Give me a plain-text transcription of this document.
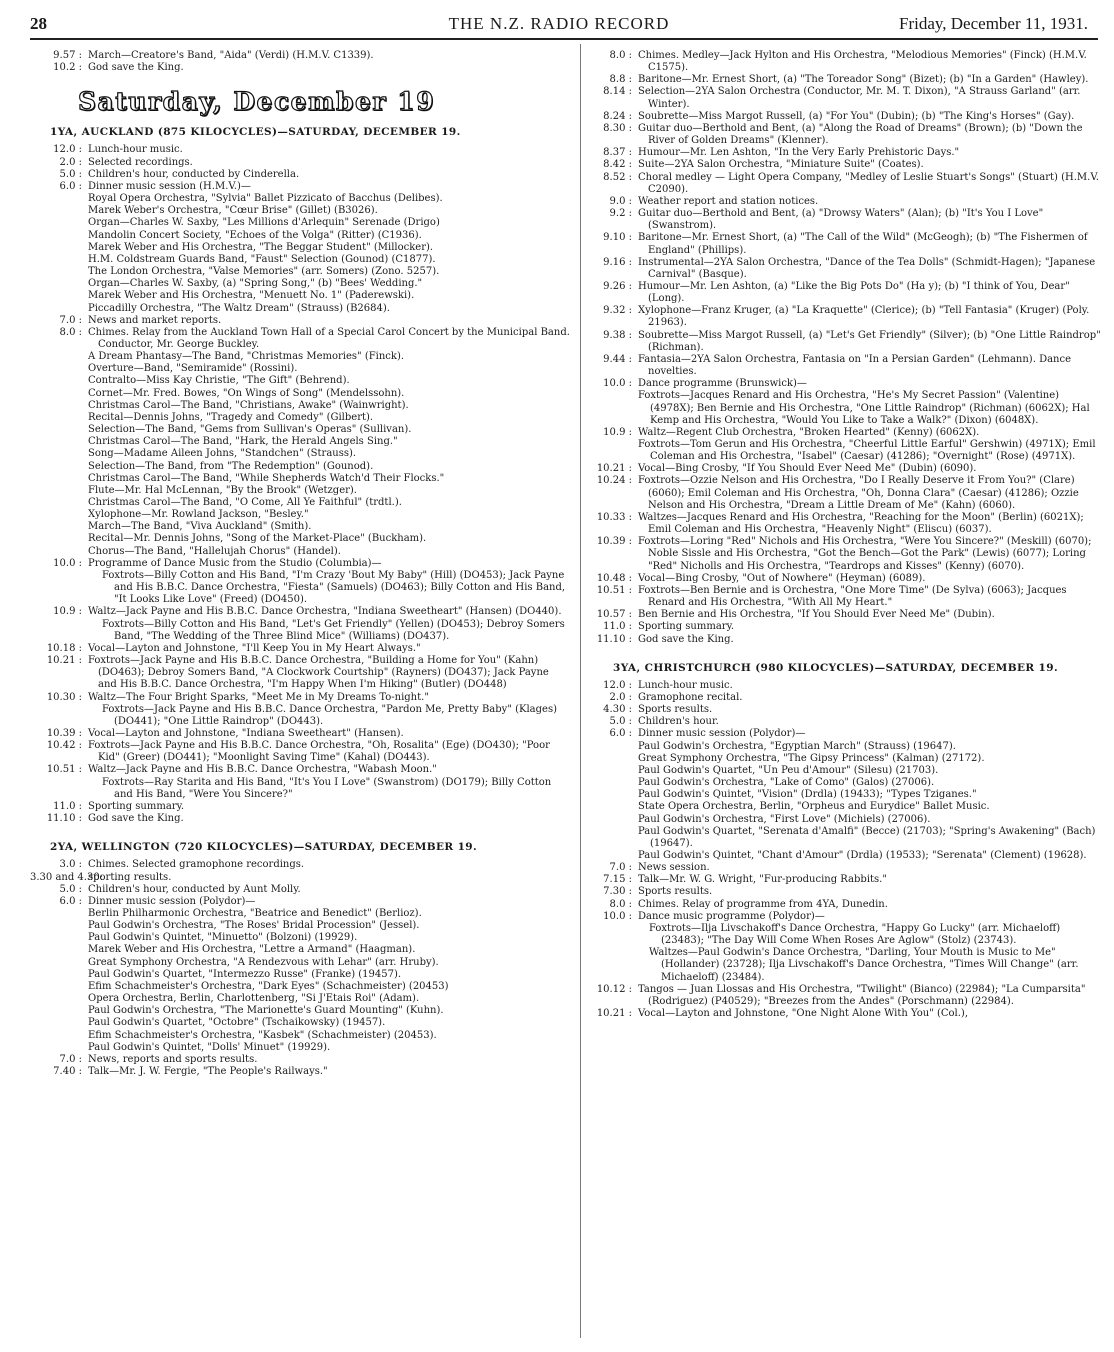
28	THE N.Z. RADIO RECORD	Friday, December 11, 1931.
9.57 : March—Creatore's Band, "Aida" (Verdi) (H.M.V. C1339).
10.2 : God save the King.
Saturday, December 19
1YA, AUCKLAND (875 KILOCYCLES)—SATURDAY, DECEMBER 19.
12.0 : Lunch-hour music.
2.0 : Selected recordings.
5.0 : Children's hour, conducted by Cinderella.
6.0 : Dinner music session (H.M.V.)—
Royal Opera Orchestra, "Sylvia" Ballet Pizzicato of Bacchus (Delibes).
Marek Weber's Orchestra, "Cœur Brise" (Gillet) (B3026).
Organ—Charles W. Saxby, "Les Millions d'Arlequin" Serenade (Drigo)
Mandolin Concert Society, "Echoes of the Volga" (Ritter) (C1936).
Marek Weber and His Orchestra, "The Beggar Student" (Millocker).
H.M. Coldstream Guards Band, "Faust" Selection (Gounod) (C1877).
The London Orchestra, "Valse Memories" (arr. Somers) (Zono. 5257).
Organ—Charles W. Saxby, (a) "Spring Song," (b) "Bees' Wedding."
Marek Weber and His Orchestra, "Menuett No. 1" (Paderewski).
Piccadilly Orchestra, "The Waltz Dream" (Strauss) (B2684).
7.0 : News and market reports.
8.0 : Chimes. Relay from the Auckland Town Hall of a Special Carol Concert by the Municipal Band. Conductor, Mr. George Buckley.
A Dream Phantasy—The Band, "Christmas Memories" (Finck).
Overture—Band, "Semiramide" (Rossini).
Contralto—Miss Kay Christie, "The Gift" (Behrend).
Cornet—Mr. Fred. Bowes, "On Wings of Song" (Mendelssohn).
Christmas Carol—The Band, "Christians, Awake" (Wainwright).
Recital—Dennis Johns, "Tragedy and Comedy" (Gilbert).
Selection—The Band, "Gems from Sullivan's Operas" (Sullivan).
Christmas Carol—The Band, "Hark, the Herald Angels Sing."
Song—Madame Aileen Johns, "Standchen" (Strauss).
Selection—The Band, from "The Redemption" (Gounod).
Christmas Carol—The Band, "While Shepherds Watch'd Their Flocks."
Flute—Mr. Hal McLennan, "By the Brook" (Wetzger).
Christmas Carol—The Band, "O Come, All Ye Faithful" (trdtl.).
Xylophone—Mr. Rowland Jackson, "Besley."
March—The Band, "Viva Auckland" (Smith).
Recital—Mr. Dennis Johns, "Song of the Market-Place" (Buckham).
Chorus—The Band, "Hallelujah Chorus" (Handel).
10.0 : Programme of Dance Music from the Studio (Columbia)—
Foxtrots—Billy Cotton and His Band, "I'm Crazy 'Bout My Baby" (Hill) (DO453); Jack Payne and His B.B.C. Dance Orchestra, "Fiesta" (Samuels) (DO463); Billy Cotton and His Band, "It Looks Like Love" (Freed) (DO450).
10.9 : Waltz—Jack Payne and His B.B.C. Dance Orchestra, "Indiana Sweetheart" (Hansen) (DO440).
Foxtrots—Billy Cotton and His Band, "Let's Get Friendly" (Yellen) (DO453); Debroy Somers Band, "The Wedding of the Three Blind Mice" (Williams) (DO437).
10.18 : Vocal—Layton and Johnstone, "I'll Keep You in My Heart Always."
10.21 : Foxtrots—Jack Payne and His B.B.C. Dance Orchestra, "Building a Home for You" (Kahn) (DO463); Debroy Somers Band, "A Clockwork Courtship" (Rayners) (DO437); Jack Payne and His B.B.C. Dance Orchestra, "I'm Happy When I'm Hiking" (Butler) (DO448)
10.30 : Waltz—The Four Bright Sparks, "Meet Me in My Dreams To-night."
Foxtrots—Jack Payne and His B.B.C. Dance Orchestra, "Pardon Me, Pretty Baby" (Klages) (DO441); "One Little Raindrop" (DO443).
10.39 : Vocal—Layton and Johnstone, "Indiana Sweetheart" (Hansen).
10.42 : Foxtrots—Jack Payne and His B.B.C. Dance Orchestra, "Oh, Rosalita" (Ege) (DO430); "Poor Kid" (Greer) (DO441); "Moonlight Saving Time" (Kahal) (DO443).
10.51 : Waltz—Jack Payne and His B.B.C. Dance Orchestra, "Wabash Moon."
Foxtrots—Ray Starita and His Band, "It's You I Love" (Swanstrom) (DO179); Billy Cotton and His Band, "Were You Sincere?"
11.0 : Sporting summary.
11.10 : God save the King.
2YA, WELLINGTON (720 KILOCYCLES)—SATURDAY, DECEMBER 19.
3.0 : Chimes. Selected gramophone recordings.
3.30 and 4.30:
sporting results.
5.0 : Children's hour, conducted by Aunt Molly.
6.0 : Dinner music session (Polydor)—
Berlin Philharmonic Orchestra, "Beatrice and Benedict" (Berlioz).
Paul Godwin's Orchestra, "The Roses' Bridal Procession" (Jessel).
Paul Godwin's Quintet, "Minuetto" (Bolzoni) (19929).
Marek Weber and His Orchestra, "Lettre a Armand" (Haagman).
Great Symphony Orchestra, "A Rendezvous with Lehar" (arr. Hruby).
Paul Godwin's Quartet, "Intermezzo Russe" (Franke) (19457).
Efim Schachmeister's Orchestra, "Dark Eyes" (Schachmeister) (20453)
Opera Orchestra, Berlin, Charlottenberg, "Si J'Etais Roi" (Adam).
Paul Godwin's Orchestra, "The Marionette's Guard Mounting" (Kuhn).
Paul Godwin's Quartet, "Octobre" (Tschaikowsky) (19457).
Efim Schachmeister's Orchestra, "Kasbek" (Schachmeister) (20453).
Paul Godwin's Quintet, "Dolls' Minuet" (19929).
7.0 : News, reports and sports results.
7.40 : Talk—Mr. J. W. Fergie, "The People's Railways."
8.0 : Chimes. Medley—Jack Hylton and His Orchestra, "Melodious Memories" (Finck) (H.M.V. C1575).
8.8 : Baritone—Mr. Ernest Short, (a) "The Toreador Song" (Bizet); (b) "In a Garden" (Hawley).
8.14 : Selection—2YA Salon Orchestra (Conductor, Mr. M. T. Dixon), "A Strauss Garland" (arr. Winter).
8.24 : Soubrette—Miss Margot Russell, (a) "For You" (Dubin); (b) "The King's Horses" (Gay).
8.30 : Guitar duo—Berthold and Bent, (a) "Along the Road of Dreams" (Brown); (b) "Down the River of Golden Dreams" (Klenner).
8.37 : Humour—Mr. Len Ashton, "In the Very Early Prehistoric Days."
8.42 : Suite—2YA Salon Orchestra, "Miniature Suite" (Coates).
8.52 : Choral medley — Light Opera Company, "Medley of Leslie Stuart's Songs" (Stuart) (H.M.V. C2090).
9.0 : Weather report and station notices.
9.2 : Guitar duo—Berthold and Bent, (a) "Drowsy Waters" (Alan); (b) "It's You I Love" (Swanstrom).
9.10 : Baritone—Mr. Ernest Short, (a) "The Call of the Wild" (McGeogh); (b) "The Fishermen of England" (Phillips).
9.16 : Instrumental—2YA Salon Orchestra, "Dance of the Tea Dolls" (Schmidt-Hagen); "Japanese Carnival" (Basque).
9.26 : Humour—Mr. Len Ashton, (a) "Like the Big Pots Do" (Ha y); (b) "I think of You, Dear" (Long).
9.32 : Xylophone—Franz Kruger, (a) "La Kraquette" (Clerice); (b) "Tell Fantasia" (Kruger) (Poly. 21963).
9.38 : Soubrette—Miss Margot Russell, (a) "Let's Get Friendly" (Silver); (b) "One Little Raindrop" (Richman).
9.44 : Fantasia—2YA Salon Orchestra, Fantasia on "In a Persian Garden" (Lehmann). Dance novelties.
10.0 : Dance programme (Brunswick)—
Foxtrots—Jacques Renard and His Orchestra, "He's My Secret Passion" (Valentine) (4978X); Ben Bernie and His Orchestra, "One Little Raindrop" (Richman) (6062X); Hal Kemp and His Orchestra, "Would You Like to Take a Walk?" (Dixon) (6048X).
10.9 : Waltz—Regent Club Orchestra, "Broken Hearted" (Kenny) (6062X).
Foxtrots—Tom Gerun and His Orchestra, "Cheerful Little Earful" Gershwin) (4971X); Emil Coleman and His Orchestra, "Isabel" (Caesar) (41286); "Overnight" (Rose) (4971X).
10.21 : Vocal—Bing Crosby, "If You Should Ever Need Me" (Dubin) (6090).
10.24 : Foxtrots—Ozzie Nelson and His Orchestra, "Do I Really Deserve it From You?" (Clare) (6060); Emil Coleman and His Orchestra, "Oh, Donna Clara" (Caesar) (41286); Ozzie Nelson and His Orchestra, "Dream a Little Dream of Me" (Kahn) (6060).
10.33 : Waltzes—Jacques Renard and His Orchestra, "Reaching for the Moon" (Berlin) (6021X); Emil Coleman and His Orchestra, "Heavenly Night" (Eliscu) (6037).
10.39 : Foxtrots—Loring "Red" Nichols and His Orchestra, "Were You Sincere?" (Meskill) (6070); Noble Sissle and His Orchestra, "Got the Bench—Got the Park" (Lewis) (6077); Loring "Red" Nicholls and His Orchestra, "Teardrops and Kisses" (Kenny) (6070).
10.48 : Vocal—Bing Crosby, "Out of Nowhere" (Heyman) (6089).
10.51 : Foxtrots—Ben Bernie and is Orchestra, "One More Time" (De Sylva) (6063); Jacques Renard and His Orchestra, "With All My Heart."
10.57 : Ben Bernie and His Orchestra, "If You Should Ever Need Me" (Dubin).
11.0 : Sporting summary.
11.10 : God save the King.
3YA, CHRISTCHURCH (980 KILOCYCLES)—SATURDAY, DECEMBER 19.
12.0 : Lunch-hour music.
2.0 : Gramophone recital.
4.30 : Sports results.
5.0 : Children's hour.
6.0 : Dinner music session (Polydor)—
Paul Godwin's Orchestra, "Egyptian March" (Strauss) (19647).
Great Symphony Orchestra, "The Gipsy Princess" (Kalman) (27172).
Paul Godwin's Quartet, "Un Peu d'Amour" (Silesu) (21703).
Paul Godwin's Orchestra, "Lake of Como" (Galos) (27006).
Paul Godwin's Quintet, "Vision" (Drdla) (19433); "Types Tziganes."
State Opera Orchestra, Berlin, "Orpheus and Eurydice" Ballet Music.
Paul Godwin's Orchestra, "First Love" (Michiels) (27006).
Paul Godwin's Quartet, "Serenata d'Amalfi" (Becce) (21703); "Spring's Awakening" (Bach) (19647).
Paul Godwin's Quintet, "Chant d'Amour" (Drdla) (19533); "Serenata" (Clement) (19628).
7.0 : News session.
7.15 : Talk—Mr. W. G. Wright, "Fur-producing Rabbits."
7.30 : Sports results.
8.0 : Chimes. Relay of programme from 4YA, Dunedin.
10.0 : Dance music programme (Polydor)—
Foxtrots—Ilja Livschakoff's Dance Orchestra, "Happy Go Lucky" (arr. Michaeloff) (23483); "The Day Will Come When Roses Are Aglow" (Stolz) (23743).
Waltzes—Paul Godwin's Dance Orchestra, "Darling, Your Mouth is Music to Me" (Hollander) (23728); Ilja Livschakoff's Dance Orchestra, "Times Will Change" (arr. Michaeloff) (23484).
10.12 : Tangos — Juan Llossas and His Orchestra, "Twilight" (Bianco) (22984); "La Cumparsita" (Rodriguez) (P40529); "Breezes from the Andes" (Porschmann) (22984).
10.21 : Vocal—Layton and Johnstone, "One Night Alone With You" (Col.),
